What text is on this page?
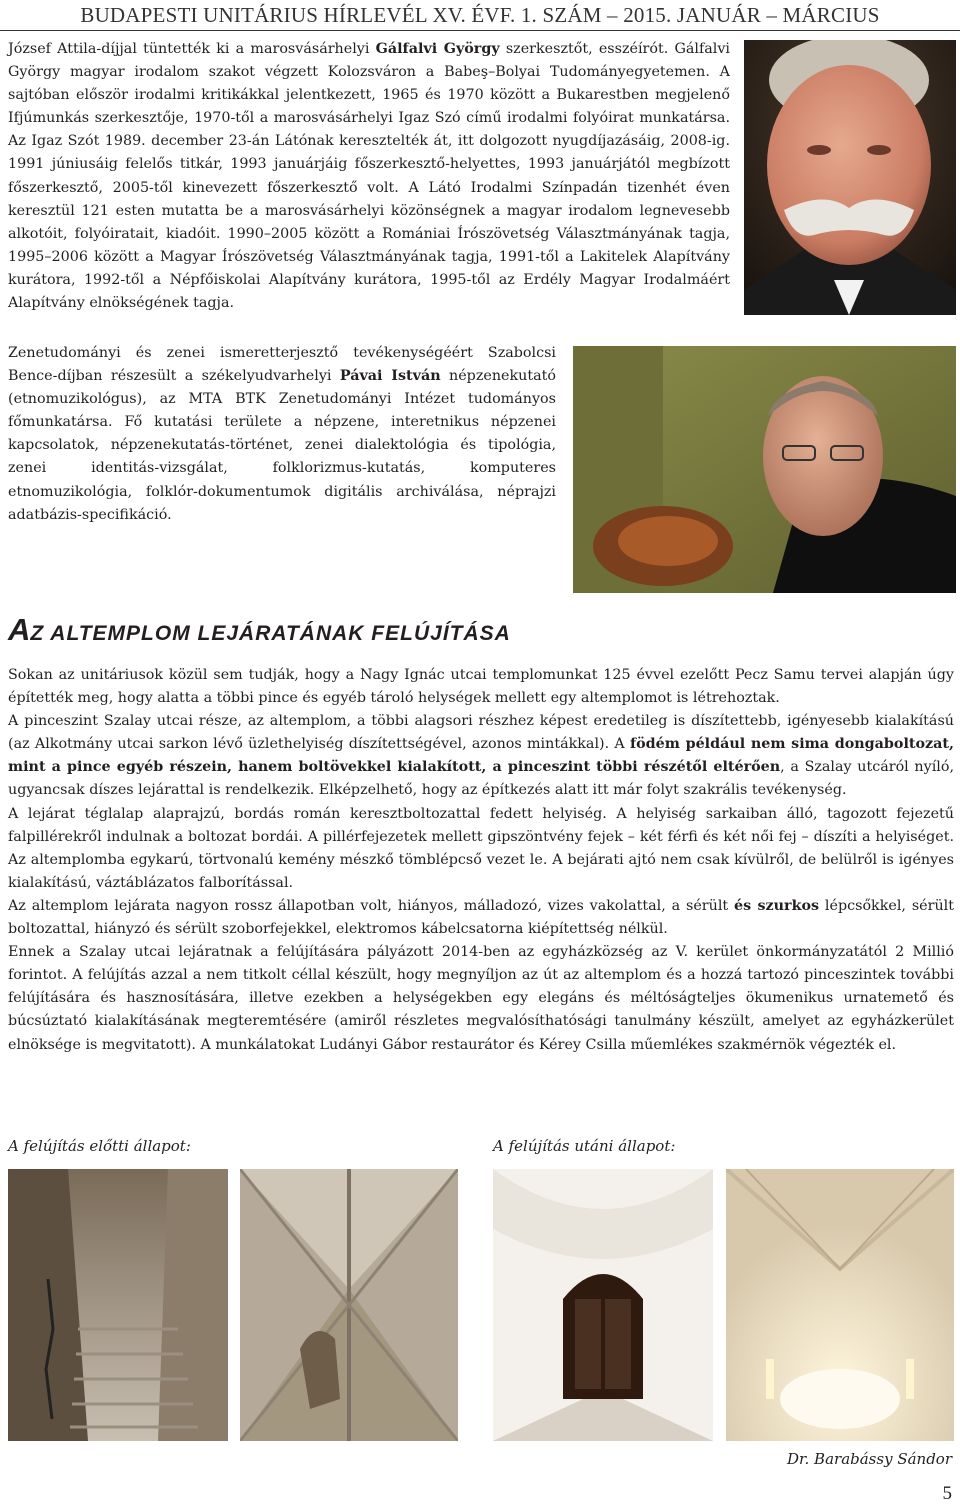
BUDAPESTI UNITÁRIUS HÍRLEVÉL XV. ÉVF. 1. SZÁM – 2015. JANUÁR – MÁRCIUS

József Attila-díjjal tüntették ki a marosvásárhelyi Gálfalvi György szerkesztőt, esszéírót. Gálfalvi György magyar irodalom szakot végzett Kolozsváron a Babeş–Bolyai Tudományegyetemen. A sajtóban először irodalmi kritikákkal jelentkezett, 1965 és 1970 között a Bukarestben megjelenő Ifjúmunkás szerkesztője, 1970-től a marosvásárhelyi Igaz Szó című irodalmi folyóirat munkatársa. Az Igaz Szót 1989. december 23-án Látónak keresztelték át, itt dolgozott nyugdíjazásáig, 2008-ig. 1991 júniusáig felelős titkár, 1993 januárjáig főszerkesztő-helyettes, 1993 januárjától megbízott főszerkesztő, 2005-től kinevezett főszerkesztő volt. A Látó Irodalmi Színpadán tizenhét éven keresztül 121 esten mutatta be a marosvásárhelyi közönségnek a magyar irodalom legnevesebb alkotóit, folyóiratait, kiadóit. 1990–2005 között a Romániai Írószövetség Választmányának tagja, 1995–2006 között a Magyar Írószövetség Választmányának tagja, 1991-től a Lakitelek Alapítvány kurátora, 1992-től a Népfőiskolai Alapítvány kurátora, 1995-től az Erdély Magyar Irodalmáért Alapítvány elnökségének tagja.

Zenetudományi és zenei ismeretterjesztő tevékenységéért Szabolcsi Bence-díjban részesült a székelyudvarhelyi Pávai István népzenekutató (etnomuzikológus), az MTA BTK Zenetudományi Intézet tudományos főmunkatársa. Fő kutatási területe a népzene, interetnikus népzenei kapcsolatok, népzenekutatás-történet, zenei dialektológia és tipológia, zenei identitás-vizsgálat, folklorizmus-kutatás, komputeres etnomuzikológia, folklór-dokumentumok digitális archiválása, néprajzi adatbázis-specifikáció.

AZ ALTEMPLOM LEJÁRATÁNAK FELÚJÍTÁSA

Sokan az unitáriusok közül sem tudják, hogy a Nagy Ignác utcai templomunkat 125 évvel ezelőtt Pecz Samu tervei alapján úgy építették meg, hogy alatta a többi pince és egyéb tároló helységek mellett egy altemplomot is létrehoztak.

A pinceszint Szalay utcai része, az altemplom, a többi alagsori részhez képest eredetileg is díszítettebb, igényesebb kialakítású (az Alkotmány utcai sarkon lévő üzlethelyiség díszítettségével, azonos mintákkal). A födém például nem sima dongaboltozat, mint a pince egyéb részein, hanem boltövekkel kialakított, a pinceszint többi részétől eltérően, a Szalay utcáról nyíló, ugyancsak díszes lejárattal is rendelkezik. Elképzelhető, hogy az építkezés alatt itt már folyt szakrális tevékenység.

A lejárat téglalap alaprajzú, bordás román keresztboltozattal fedett helyiség. A helyiség sarkaiban álló, tagozott fejezetű falpillérekről indulnak a boltozat bordái. A pillérfejezetek mellett gipszöntvény fejek – két férfi és két női fej – díszíti a helyiséget. Az altemplomba egykarú, törtvonalú kemény mészkő tömblépcső vezet le. A bejárati ajtó nem csak kívülről, de belülről is igényes kialakítású, váztáblázatos falborítással.

Az altemplom lejárata nagyon rossz állapotban volt, hiányos, málladozó, vizes vakolattal, a sérült és szurkos lépcsőkkel, sérült boltozattal, hiányzó és sérült szoborfejekkel, elektromos kábelcsatorna kiépítettség nélkül.

Ennek a Szalay utcai lejáratnak a felújítására pályázott 2014-ben az egyházközség az V. kerület önkormányzatától 2 Millió forintot. A felújítás azzal a nem titkolt céllal készült, hogy megnyíljon az út az altemplom és a hozzá tartozó pinceszintek további felújítására és hasznosítására, illetve ezekben a helységekben egy elegáns és méltóságteljes ökumenikus urnatemető és búcsúztató kialakításának megteremtésére (amiről részletes megvalósíthatósági tanulmány készült, amelyet az egyházkerület elnöksége is megvitatott). A munkálatokat Ludányi Gábor restaurátor és Kérey Csilla műemlékes szakmérnök végezték el.

A felújítás előtti állapot:	A felújítás utáni állapot:
Dr. Barabássy Sándor
5
